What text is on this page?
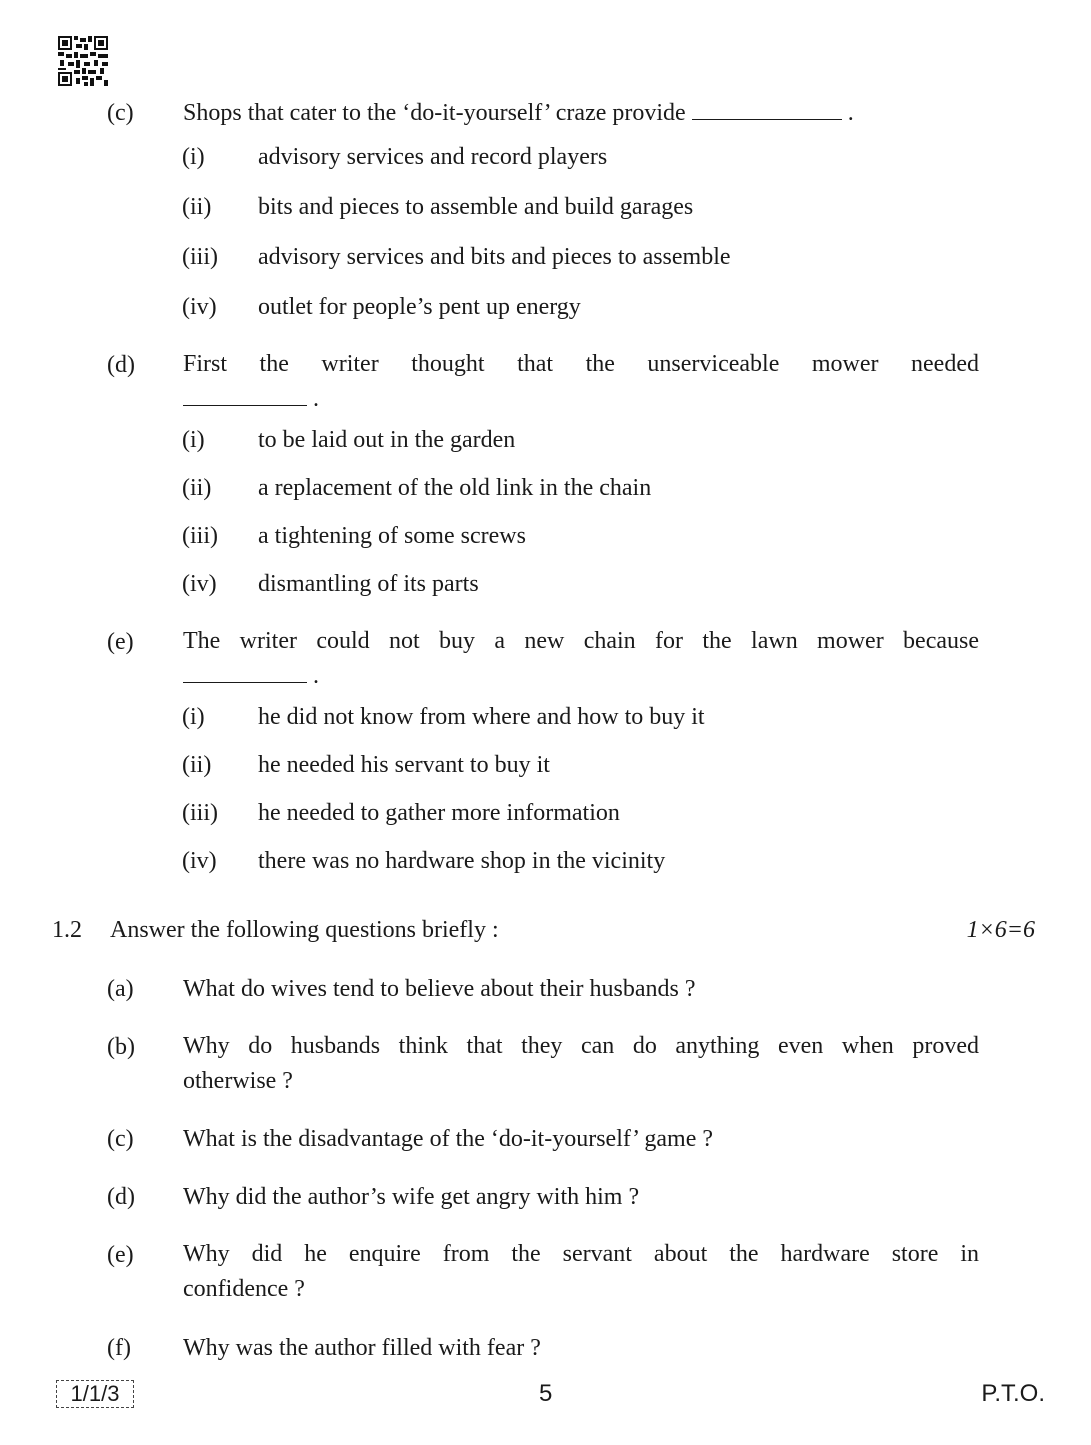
(c) Shops that cater to the ‘do-it-yourself’ craze provide	.
(i) advisory services and record players
(ii) bits and pieces to assemble and build garages
(iii) advisory services and bits and pieces to assemble
(iv) outlet for people’s pent up energy
(d) First the writer thought that the unserviceable mower needed
.
(i) to be laid out in the garden
(ii) a replacement of the old link in the chain
(iii) a tightening of some screws
(iv) dismantling of its parts
(e) The writer could not buy a new chain for the lawn mower because
.
(i) he did not know from where and how to buy it
(ii) he needed his servant to buy it
(iii) he needed to gather more information
(iv) there was no hardware shop in the vicinity
1.2 Answer the following questions briefly :	1×6=6
(a) What do wives tend to believe about their husbands ?
(b) Why do husbands think that they can do anything even when proved
otherwise ?
(c) What is the disadvantage of the ‘do-it-yourself’ game ?
(d) Why did the author’s wife get angry with him ?
(e) Why did he enquire from the servant about the hardware store in
confidence ?
(f) Why was the author filled with fear ?
1/1/3	5	P.T.O.
